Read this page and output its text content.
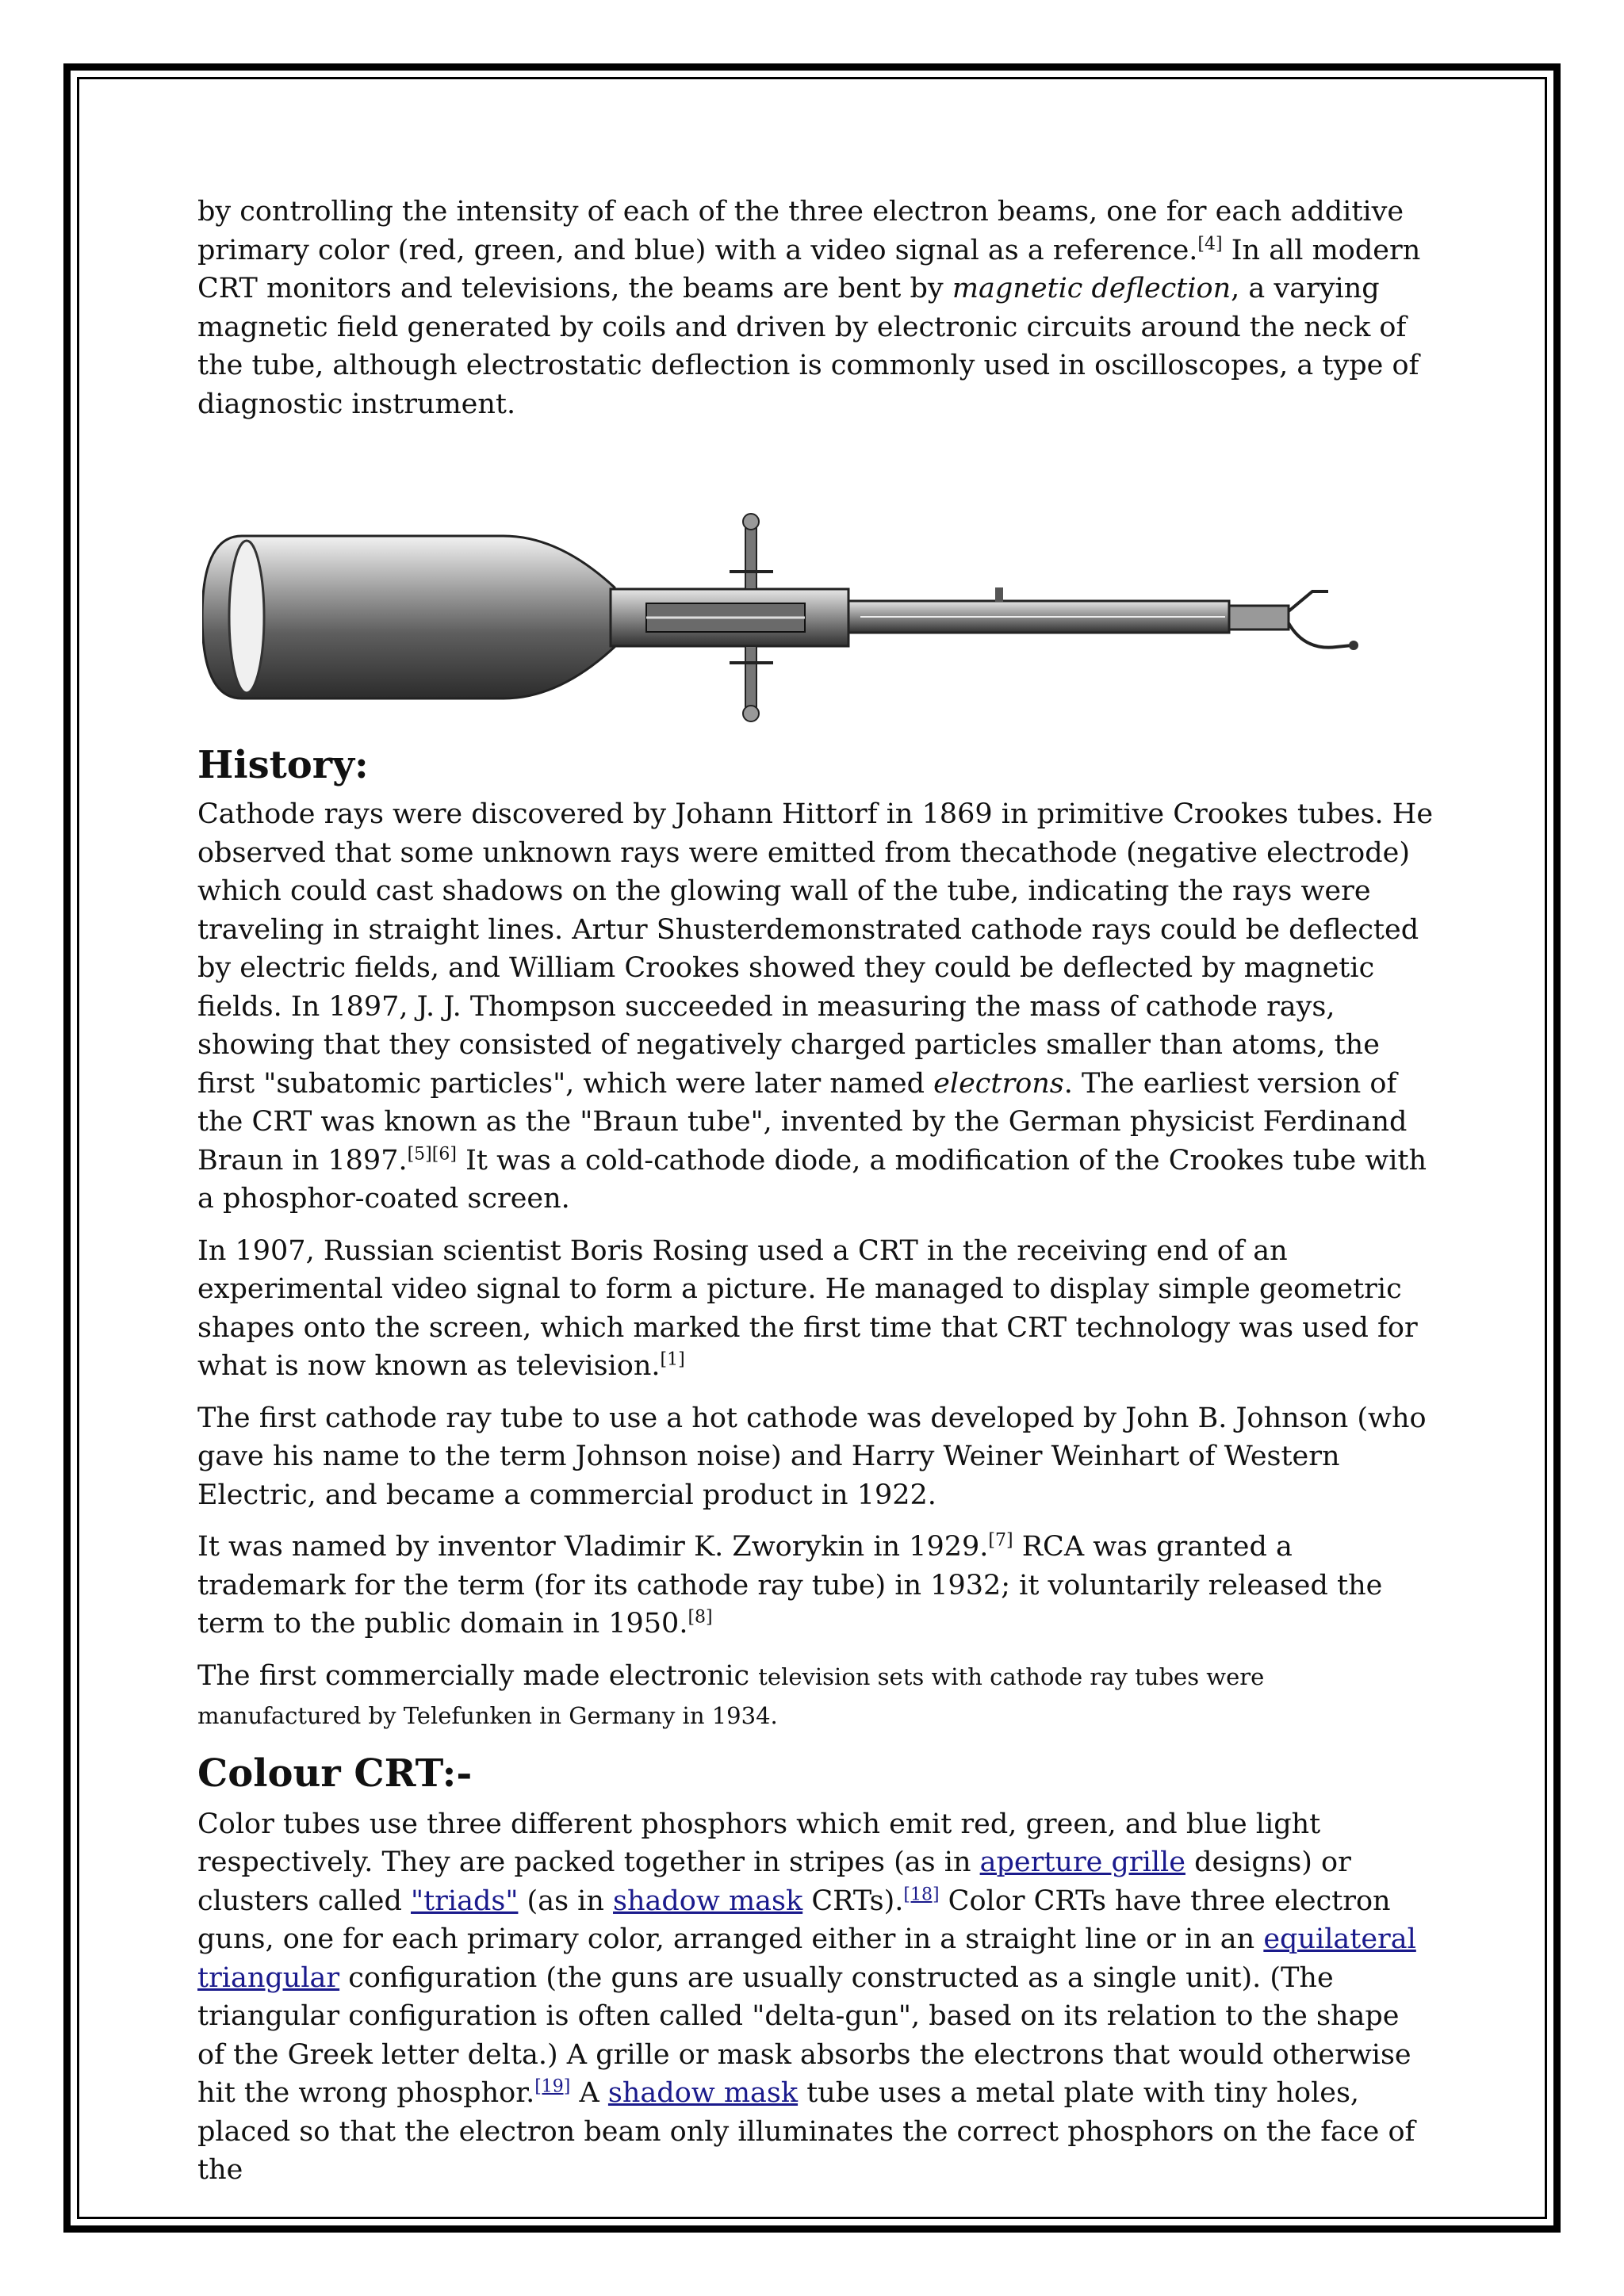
by controlling the intensity of each of the three electron beams, one for each additive primary color (red, green, and blue) with a video signal as a reference.[4] In all modern CRT monitors and televisions, the beams are bent by magnetic deflection, a varying magnetic field generated by coils and driven by electronic circuits around the neck of the tube, although electrostatic deflection is commonly used in oscilloscopes, a type of diagnostic instrument.

History:

Cathode rays were discovered by Johann Hittorf in 1869 in primitive Crookes tubes. He observed that some unknown rays were emitted from thecathode (negative electrode) which could cast shadows on the glowing wall of the tube, indicating the rays were traveling in straight lines. Artur Shusterdemonstrated cathode rays could be deflected by electric fields, and William Crookes showed they could be deflected by magnetic fields. In 1897, J. J. Thompson succeeded in measuring the mass of cathode rays, showing that they consisted of negatively charged particles smaller than atoms, the first "subatomic particles", which were later named electrons. The earliest version of the CRT was known as the "Braun tube", invented by the German physicist Ferdinand Braun in 1897.[5][6] It was a cold-cathode diode, a modification of the Crookes tube with a phosphor-coated screen.

In 1907, Russian scientist Boris Rosing used a CRT in the receiving end of an experimental video signal to form a picture. He managed to display simple geometric shapes onto the screen, which marked the first time that CRT technology was used for what is now known as television.[1]

The first cathode ray tube to use a hot cathode was developed by John B. Johnson (who gave his name to the term Johnson noise) and Harry Weiner Weinhart of Western Electric, and became a commercial product in 1922.

It was named by inventor Vladimir K. Zworykin in 1929.[7] RCA was granted a trademark for the term (for its cathode ray tube) in 1932; it voluntarily released the term to the public domain in 1950.[8]

The first commercially made electronic television sets with cathode ray tubes were manufactured by Telefunken in Germany in 1934.

Colour CRT:-

Color tubes use three different phosphors which emit red, green, and blue light respectively. They are packed together in stripes (as in aperture grille designs) or clusters called "triads" (as in shadow mask CRTs).[18] Color CRTs have three electron guns, one for each primary color, arranged either in a straight line or in an equilateral triangular configuration (the guns are usually constructed as a single unit). (The triangular configuration is often called "delta-gun", based on its relation to the shape of the Greek letter delta.) A grille or mask absorbs the electrons that would otherwise hit the wrong phosphor.[19] A shadow mask tube uses a metal plate with tiny holes, placed so that the electron beam only illuminates the correct phosphors on the face of the
